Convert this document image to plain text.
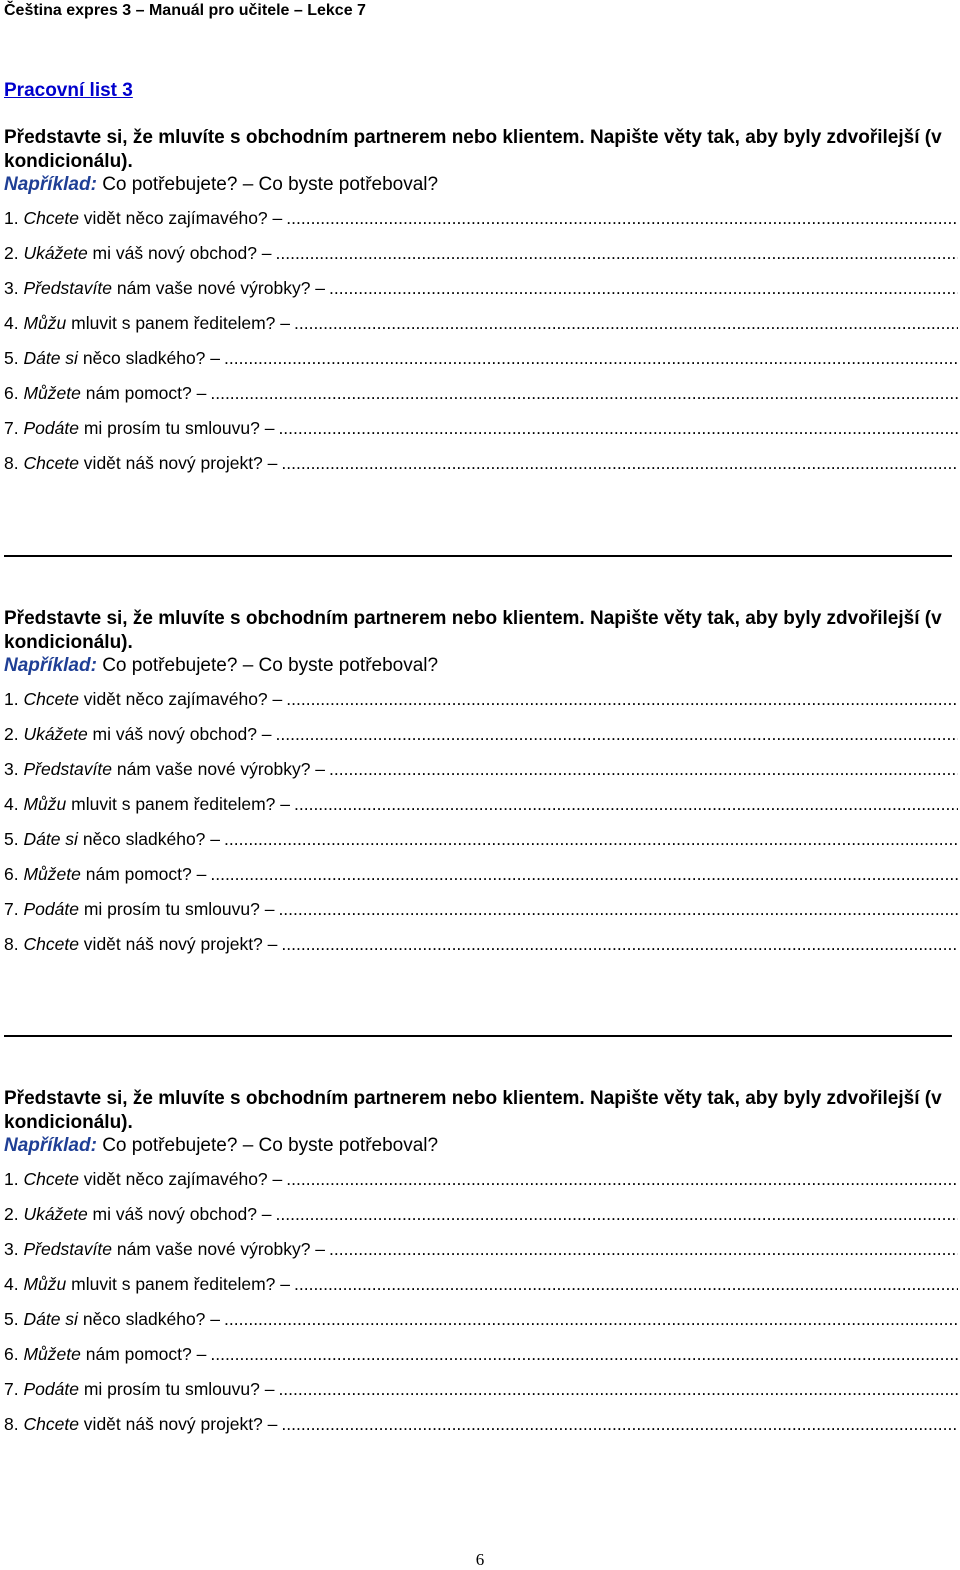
Čeština expres 3 – Manuál pro učitele – Lekce 7
Pracovní list 3

Představte si, že mluvíte s obchodním partnerem nebo klientem. Napište věty tak, aby byly zdvořilejší (v kondicionálu).

Například: Co potřebujete? – Co byste potřeboval?

1. Chcete vidět něco zajímavého? –
.....
2. Ukážete mi váš nový obchod? –
.....
3. Představíte nám vaše nové výrobky? –
.....
4. Můžu mluvit s panem ředitelem? –
.....
5. Dáte si něco sladkého? –
.....
6. Můžete nám pomoct? –
.....
7. Podáte mi prosím tu smlouvu? –
.....
8. Chcete vidět náš nový projekt? –
.....

Představte si, že mluvíte s obchodním partnerem nebo klientem. Napište věty tak, aby byly zdvořilejší (v kondicionálu).

Například: Co potřebujete? – Co byste potřeboval?

1. Chcete vidět něco zajímavého? –
.....
2. Ukážete mi váš nový obchod? –
.....
3. Představíte nám vaše nové výrobky? –
.....
4. Můžu mluvit s panem ředitelem? –
.....
5. Dáte si něco sladkého? –
.....
6. Můžete nám pomoct? –
.....
7. Podáte mi prosím tu smlouvu? –
.....
8. Chcete vidět náš nový projekt? –
.....

Představte si, že mluvíte s obchodním partnerem nebo klientem. Napište věty tak, aby byly zdvořilejší (v kondicionálu).

Například: Co potřebujete? – Co byste potřeboval?

1. Chcete vidět něco zajímavého? –
.....
2. Ukážete mi váš nový obchod? –
.....
3. Představíte nám vaše nové výrobky? –
.....
4. Můžu mluvit s panem ředitelem? –
.....
5. Dáte si něco sladkého? –
.....
6. Můžete nám pomoct? –
.....
7. Podáte mi prosím tu smlouvu? –
.....
8. Chcete vidět náš nový projekt? –
.....
6
